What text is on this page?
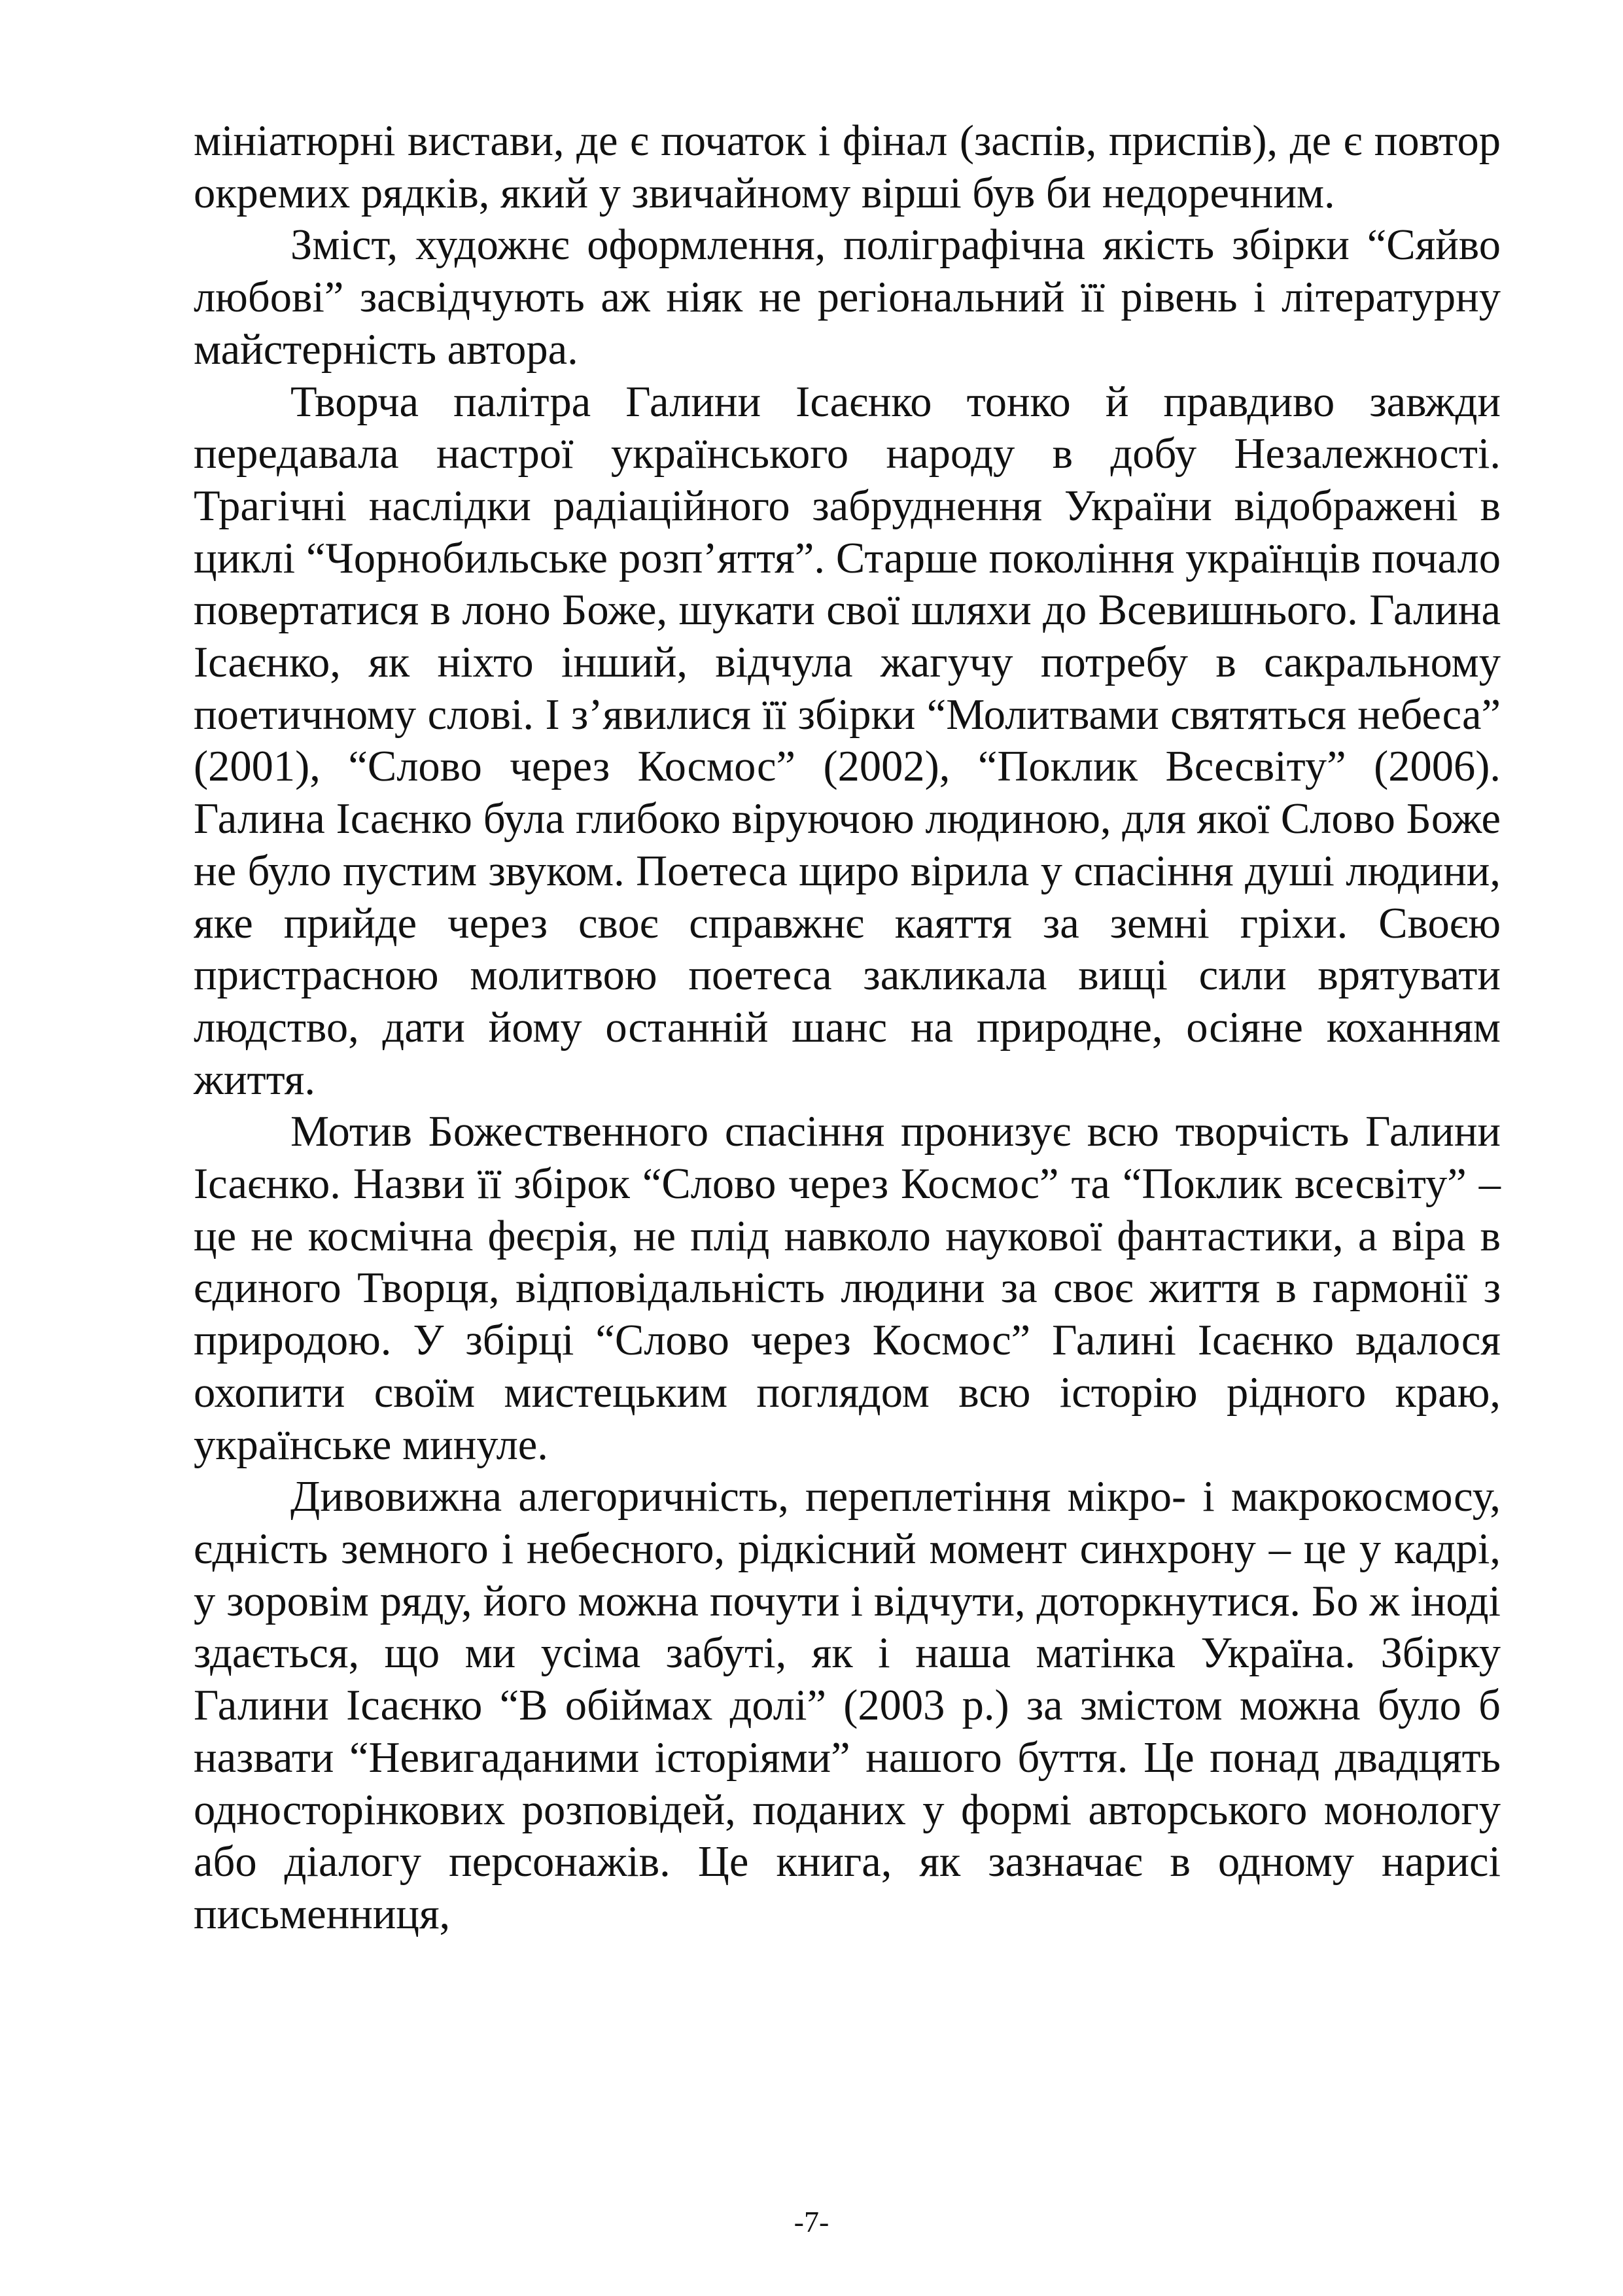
мініатюрні вистави, де є початок і фінал (заспів, приспів), де є повтор окремих рядків, який у звичайному вірші був би недоречним.

Зміст, художнє оформлення, поліграфічна якість збірки “Сяйво любові” засвідчують аж ніяк не регіональний її рівень і літературну майстерність автора.

Творча палітра Галини Ісаєнко тонко й правдиво завжди передавала настрої українського народу в добу Незалежності. Трагічні наслідки радіаційного забруднення України відображені в циклі “Чорнобильське розп’яття”. Старше покоління українців почало повертатися в лоно Боже, шукати свої шляхи до Всевишнього. Галина Ісаєнко, як ніхто інший, відчула жагучу потребу в сакральному поетичному слові. І з’явилися її збірки “Молитвами святяться небеса” (2001), “Слово через Космос” (2002), “Поклик Всесвіту” (2006). Галина Ісаєнко була глибоко віруючою людиною, для якої Слово Боже не було пустим звуком. Поетеса щиро вірила у спасіння душі людини, яке прийде через своє справжнє каяття за земні гріхи. Своєю пристрасною молитвою поетеса закликала вищі сили врятувати людство, дати йому останній шанс на природне, осіяне коханням життя.

Мотив Божественного спасіння пронизує всю творчість Галини Ісаєнко. Назви її збірок “Слово через Космос” та “Поклик всесвіту” – це не космічна феєрія, не плід навколо наукової фантастики, а віра в єдиного Творця, відповідальність людини за своє життя в гармонії з природою. У збірці “Слово через Космос” Галині Ісаєнко вдалося охопити своїм мистецьким поглядом всю історію рідного краю, українське минуле.

Дивовижна алегоричність, переплетіння мікро- і макрокосмосу, єдність земного і небесного, рідкісний момент синхрону – це у кадрі, у зоровім ряду, його можна почути і відчути, доторкнутися. Бо ж іноді здається, що ми усіма забуті, як і наша матінка Україна. Збірку Галини Ісаєнко “В обіймах долі” (2003 р.) за змістом можна було б назвати “Невигаданими історіями” нашого буття. Це понад двадцять односторінкових розповідей, поданих у формі авторського монологу або діалогу персонажів. Це книга, як зазначає в одному нарисі письменниця,

-7-
